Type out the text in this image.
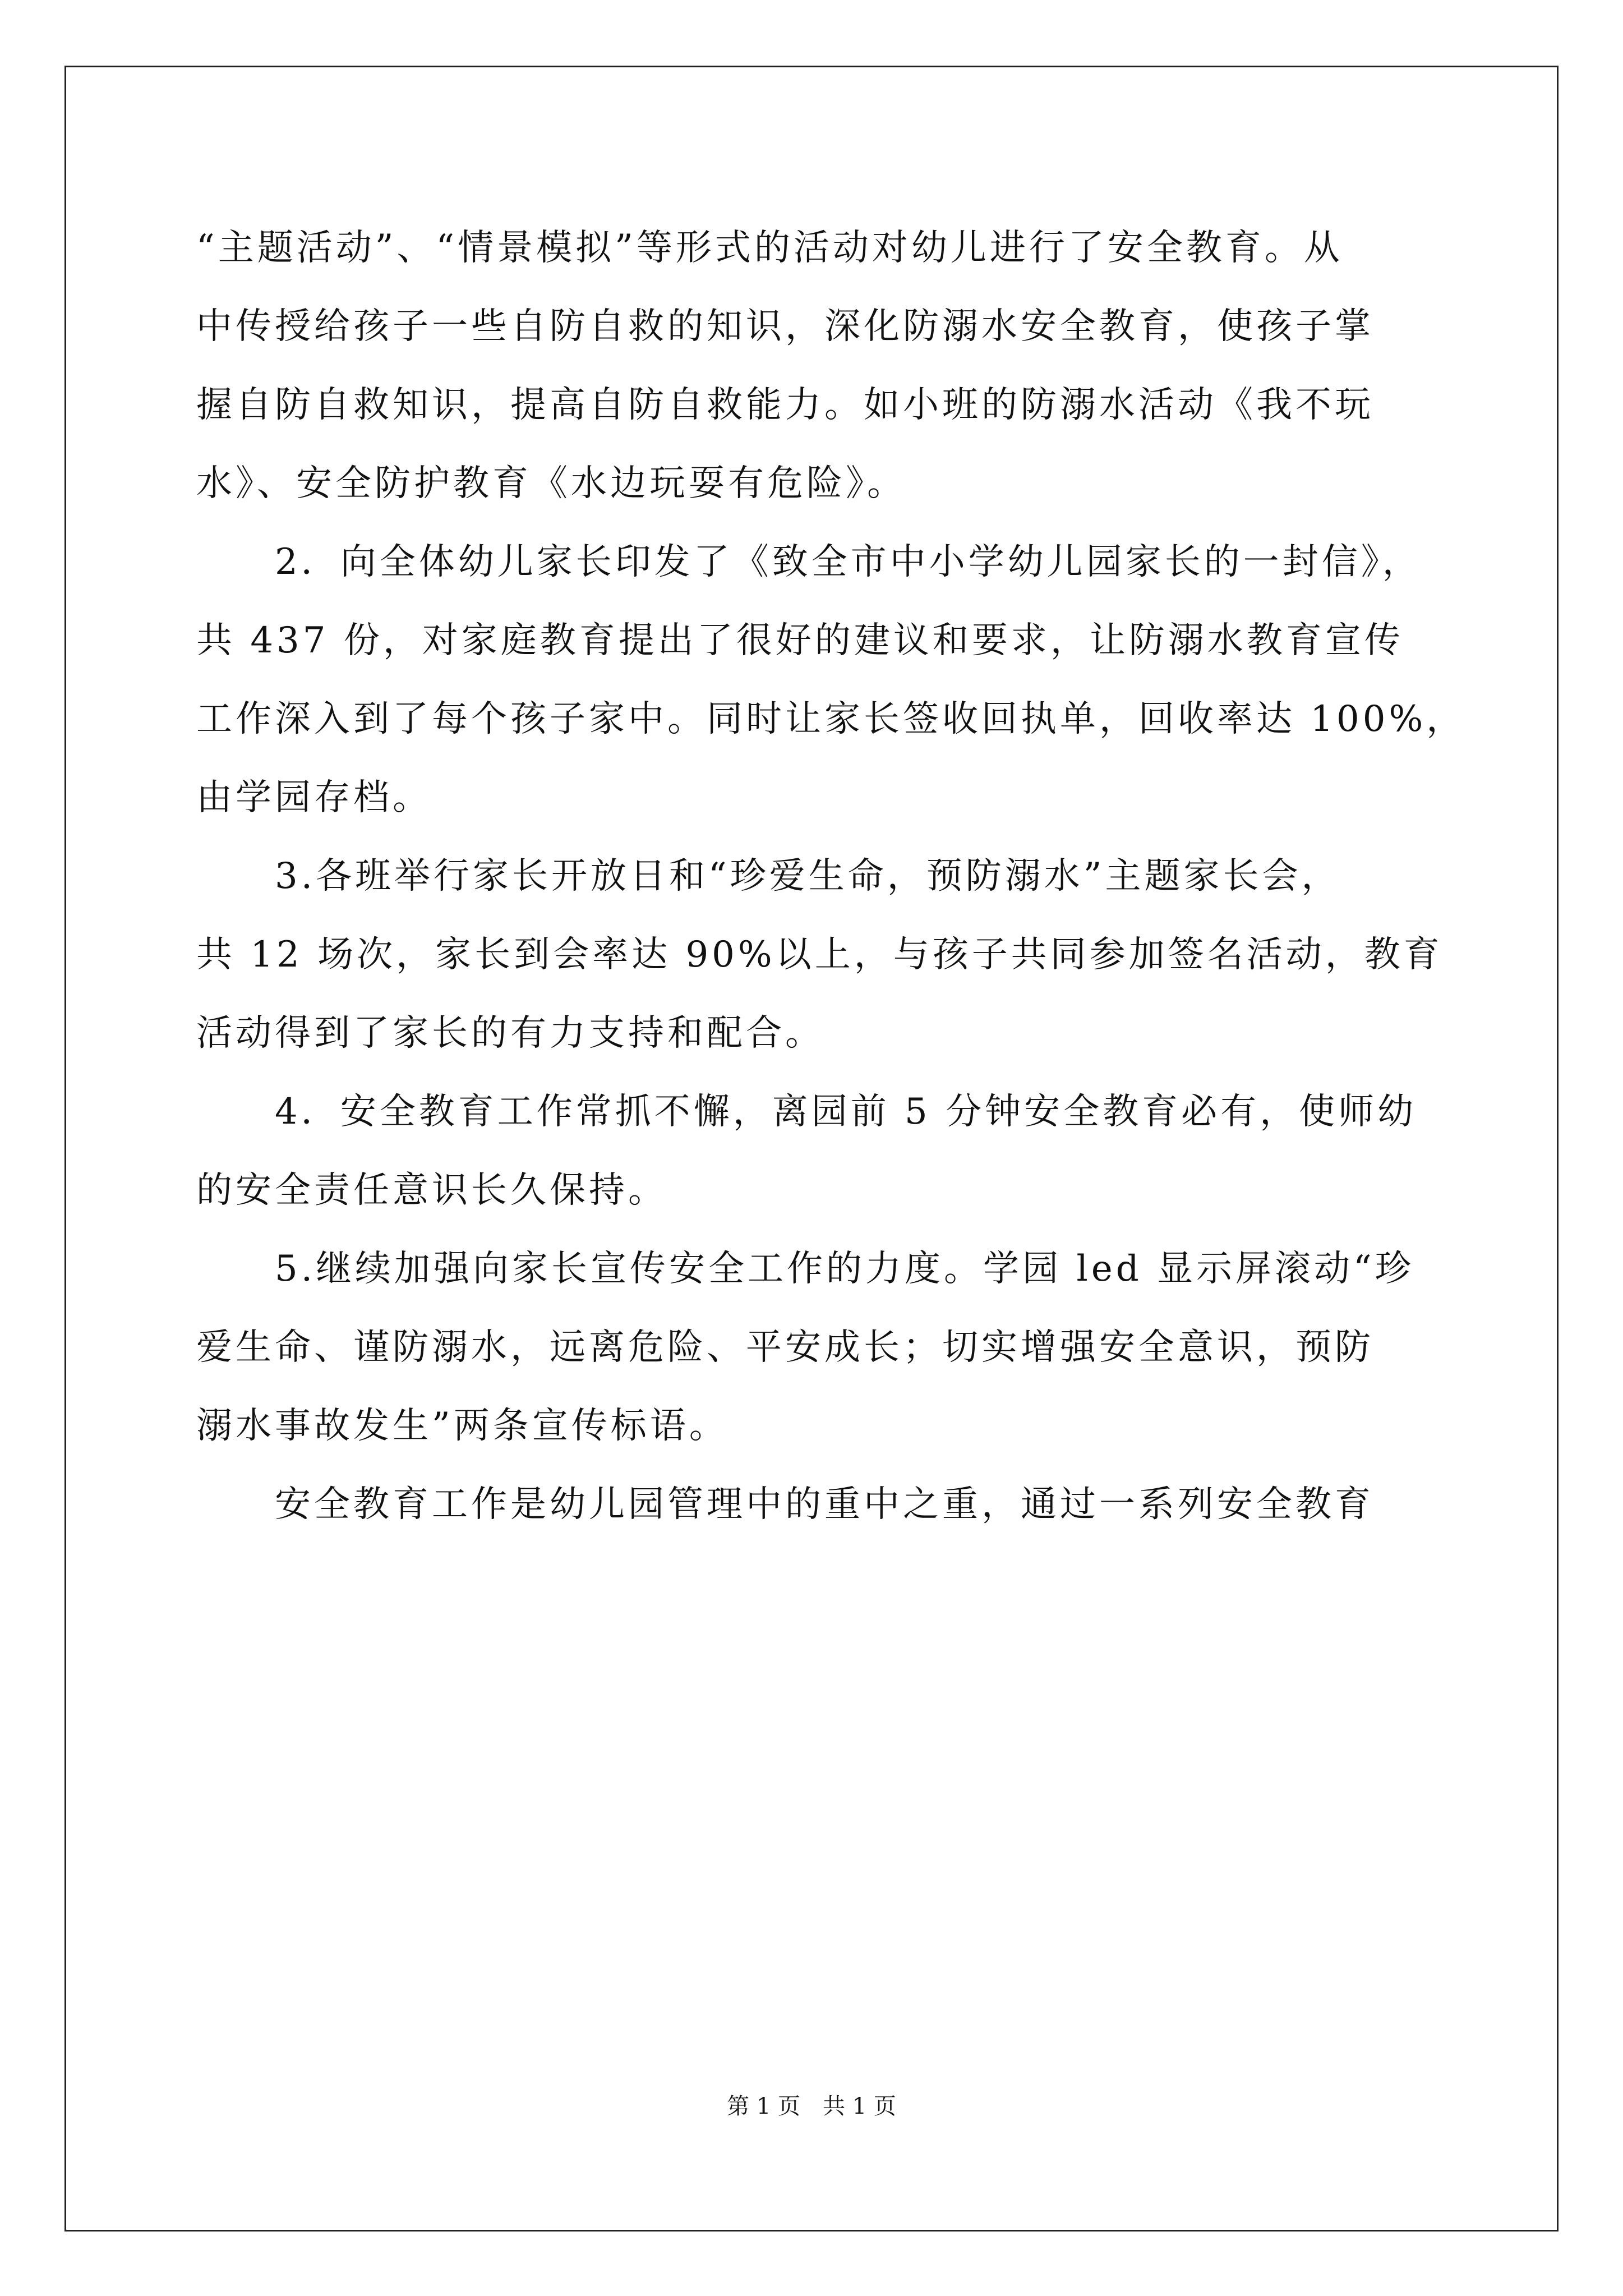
“主题活动”、“情景模拟”等形式的活动对幼儿进行了安全教育。从
中传授给孩子一些自防自救的知识，深化防溺水安全教育，使孩子掌
握自防自救知识，提高自防自救能力。如小班的防溺水活动《我不玩
水》、安全防护教育《水边玩耍有危险》。
2．向全体幼儿家长印发了《致全市中小学幼儿园家长的一封信》，
共 437 份，对家庭教育提出了很好的建议和要求，让防溺水教育宣传
工作深入到了每个孩子家中。同时让家长签收回执单，回收率达 100%，
由学园存档。
3.各班举行家长开放日和“珍爱生命，预防溺水”主题家长会，
共 12 场次，家长到会率达 90%以上，与孩子共同参加签名活动，教育
活动得到了家长的有力支持和配合。
4．安全教育工作常抓不懈，离园前 5 分钟安全教育必有，使师幼
的安全责任意识长久保持。
5.继续加强向家长宣传安全工作的力度。学园 led 显示屏滚动“珍
爱生命、谨防溺水，远离危险、平安成长；切实增强安全意识，预防
溺水事故发生”两条宣传标语。
安全教育工作是幼儿园管理中的重中之重，通过一系列安全教育
第 1 页　共 1 页
